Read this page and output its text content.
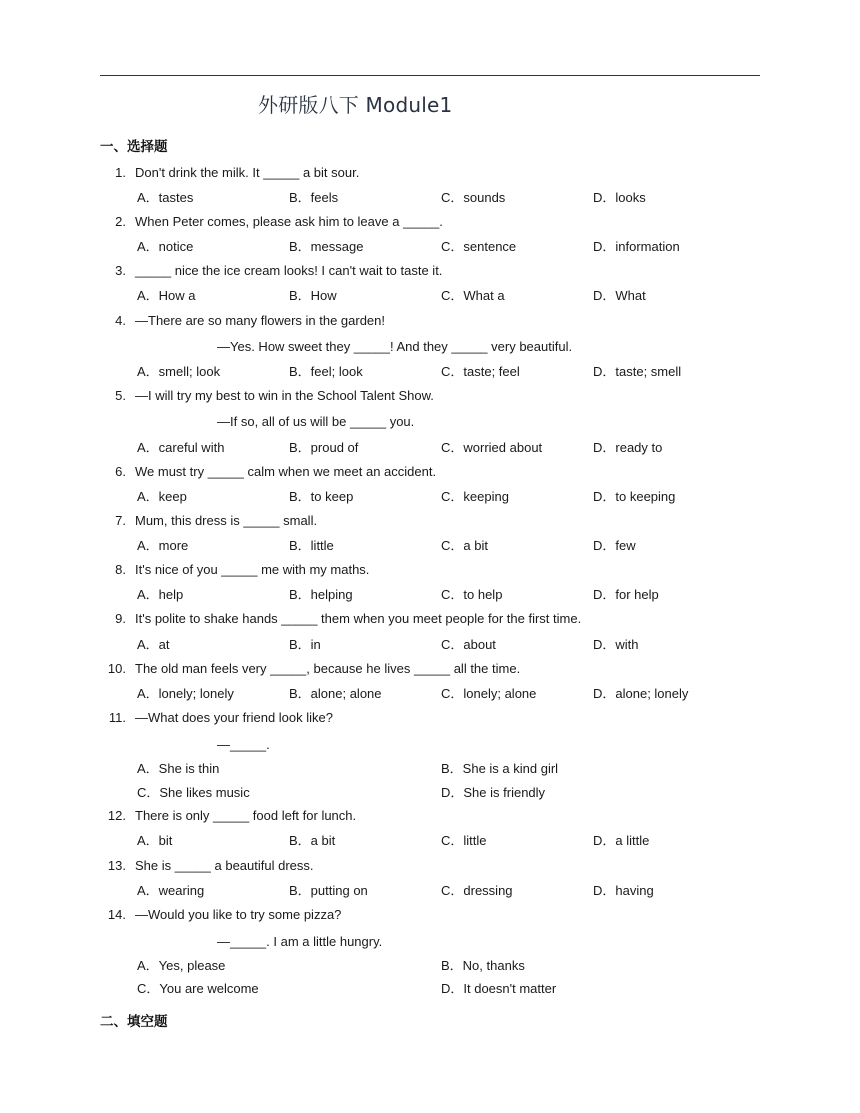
外研版八下 Module1
一、选择题
1. Don't drink the milk. It _____ a bit sour.
A．tastes	B．feels	C．sounds	D．looks
2. When Peter comes, please ask him to leave a _____.
A．notice	B．message	C．sentence	D．information
3. _____ nice the ice cream looks! I can't wait to taste it.
A．How a	B．How	C．What a	D．What
4. —There are so many flowers in the garden!
—Yes. How sweet they _____! And they _____ very beautiful.
A．smell; look	B．feel; look	C．taste; feel	D．taste; smell
5. —I will try my best to win in the School Talent Show.
—If so, all of us will be _____ you.
A．careful with	B．proud of	C．worried about	D．ready to
6. We must try _____ calm when we meet an accident.
A．keep	B．to keep	C．keeping	D．to keeping
7. Mum, this dress is _____ small.
A．more	B．little	C．a bit	D．few
8. It's nice of you _____ me with my maths.
A．help	B．helping	C．to help	D．for help
9. It's polite to shake hands _____ them when you meet people for the first time.
A．at	B．in	C．about	D．with
10. The old man feels very _____, because he lives _____ all the time.
A．lonely; lonely	B．alone; alone	C．lonely; alone	D．alone; lonely
11. —What does your friend look like?
—_____.
A．She is thin	B．She is a kind girl
C．She likes music	D．She is friendly
12. There is only _____ food left for lunch.
A．bit	B．a bit	C．little	D．a little
13. She is _____ a beautiful dress.
A．wearing	B．putting on	C．dressing	D．having
14. —Would you like to try some pizza?
—_____. I am a little hungry.
A．Yes, please	B．No, thanks
C．You are welcome	D．It doesn't matter
二、填空题
